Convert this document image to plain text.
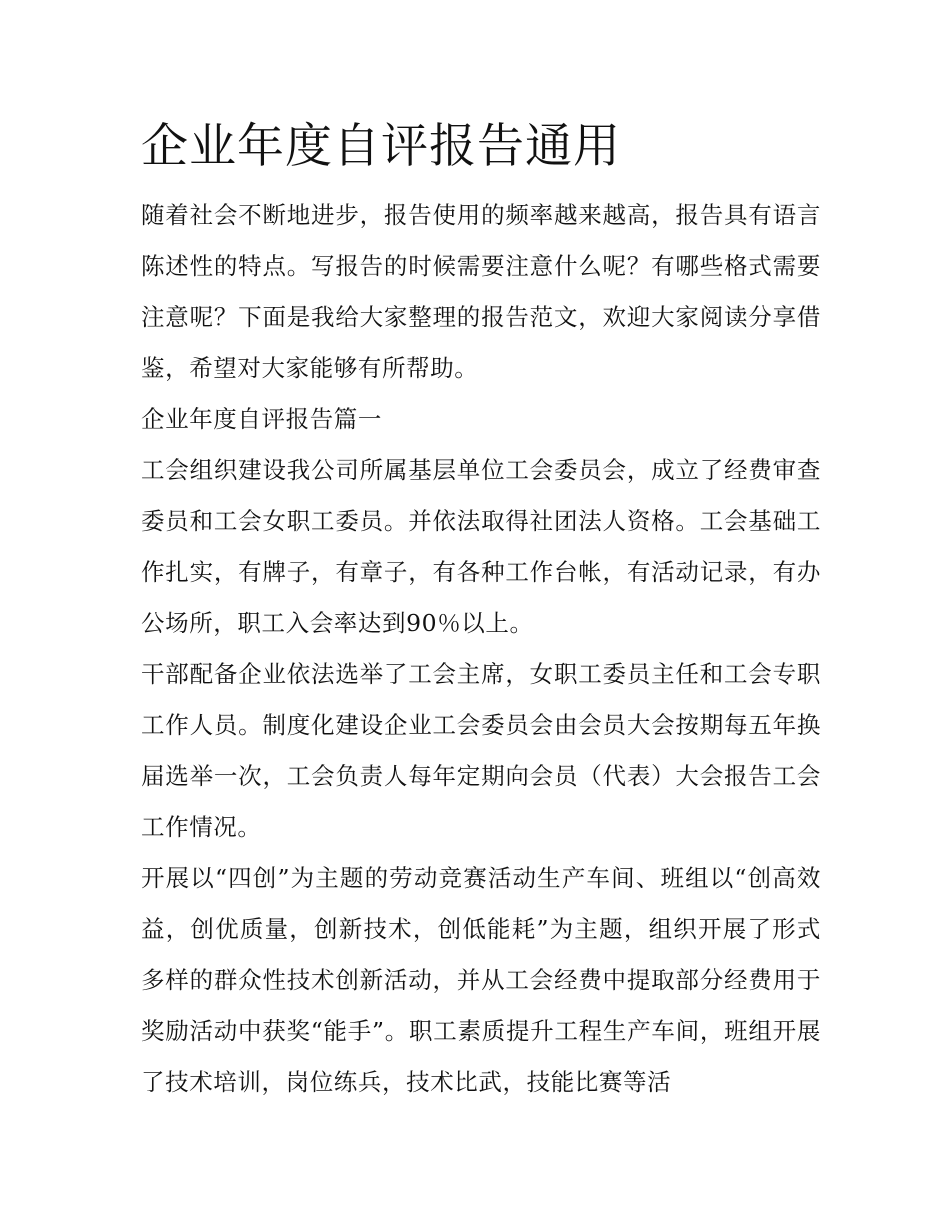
企业年度自评报告通用

随着社会不断地进步，报告使用的频率越来越高，报告具有语言陈述性的特点。写报告的时候需要注意什么呢？有哪些格式需要注意呢？下面是我给大家整理的报告范文，欢迎大家阅读分享借鉴，希望对大家能够有所帮助。

企业年度自评报告篇一

工会组织建设我公司所属基层单位工会委员会，成立了经费审查委员和工会女职工委员。并依法取得社团法人资格。工会基础工作扎实，有牌子，有章子，有各种工作台帐，有活动记录，有办公场所，职工入会率达到90％以上。

干部配备企业依法选举了工会主席，女职工委员主任和工会专职工作人员。制度化建设企业工会委员会由会员大会按期每五年换届选举一次，工会负责人每年定期向会员（代表）大会报告工会工作情况。

开展以“四创”为主题的劳动竞赛活动生产车间、班组以“创高效益，创优质量，创新技术，创低能耗”为主题，组织开展了形式多样的群众性技术创新活动，并从工会经费中提取部分经费用于奖励活动中获奖“能手”。职工素质提升工程生产车间，班组开展了技术培训，岗位练兵，技术比武，技能比赛等活
